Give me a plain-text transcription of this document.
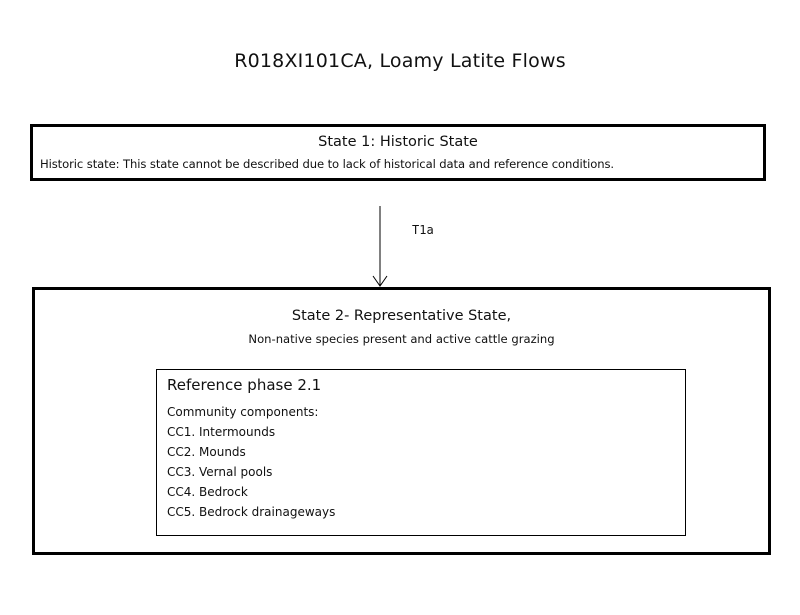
R018XI101CA, Loamy Latite Flows
State 1: Historic State
Historic state: This state cannot be described due to lack of historical data and reference conditions.
T1a
State 2- Representative State,
Non-native species present and active cattle grazing
Reference phase 2.1
Community components:
CC1. Intermounds
CC2. Mounds
CC3. Vernal pools
CC4. Bedrock
CC5. Bedrock drainageways
